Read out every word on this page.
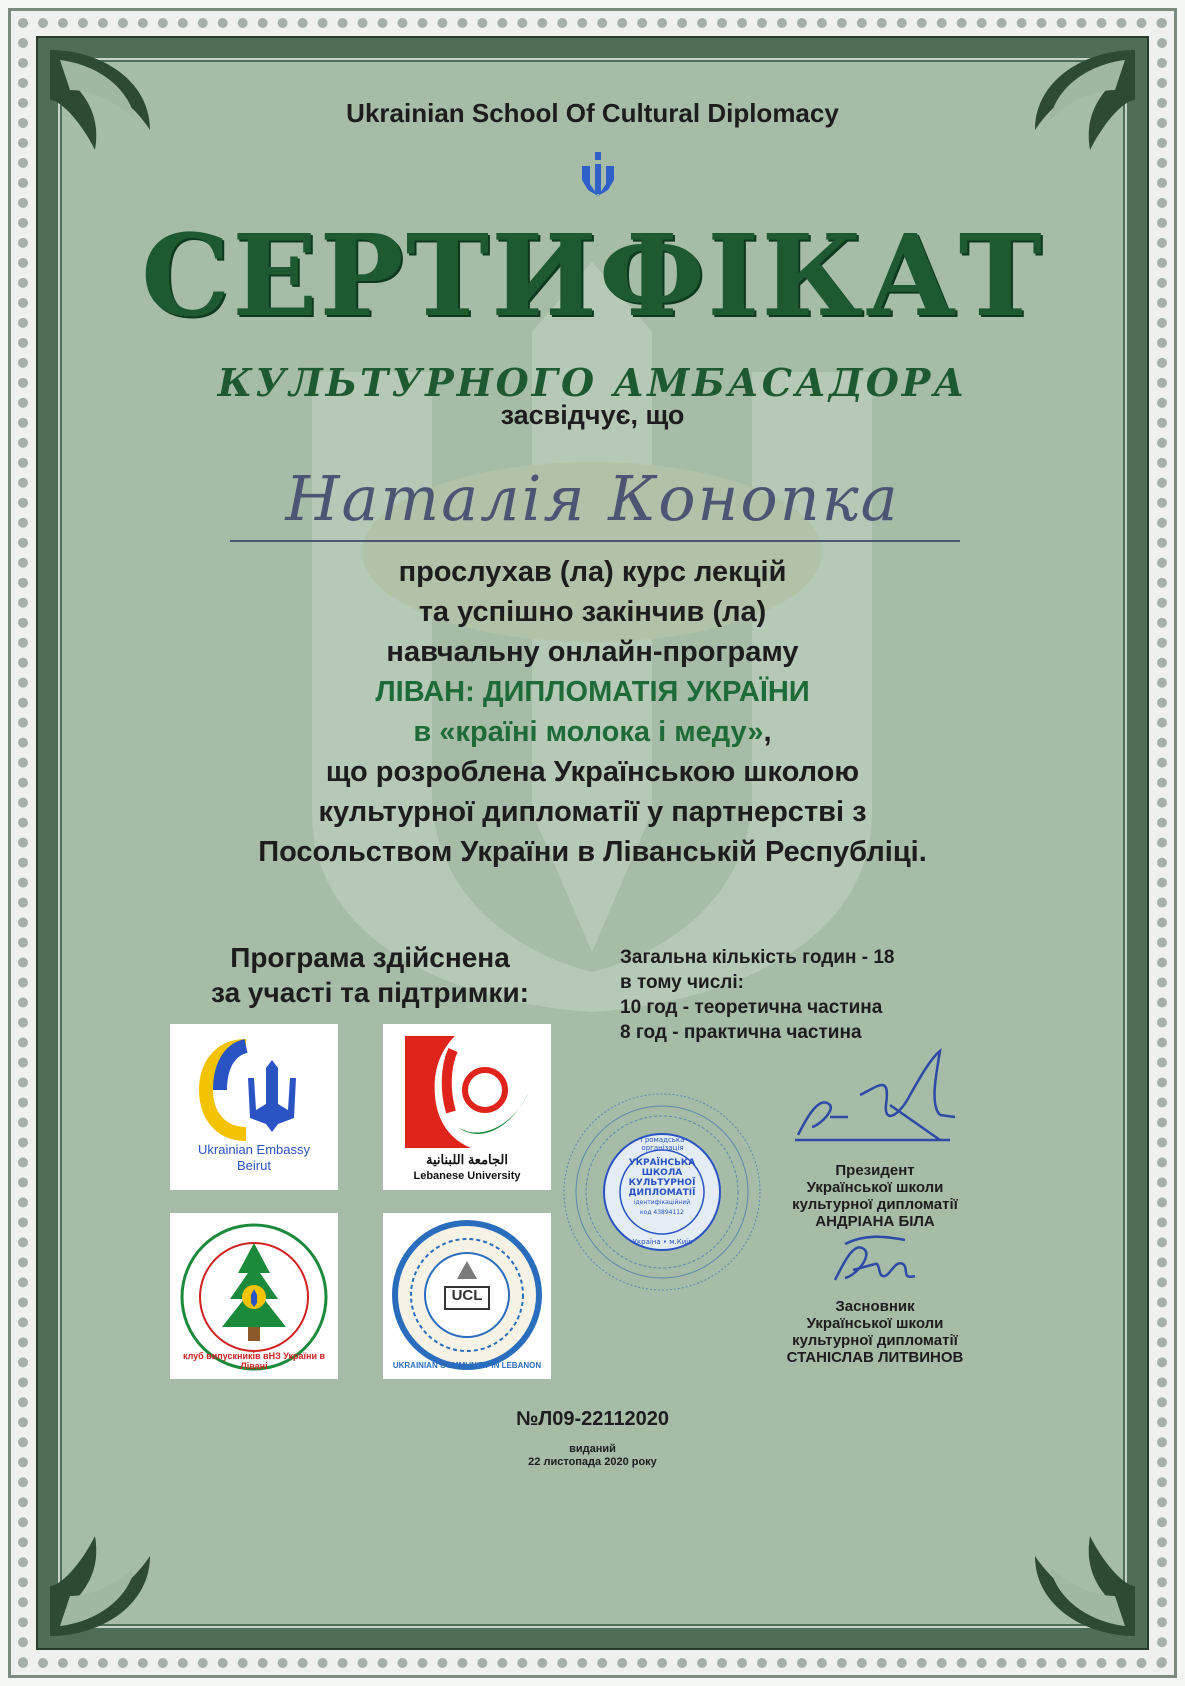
Ukrainian School Of Cultural Diplomacy
СЕРТИФІКАТ
КУЛЬТУРНОГО АМБАСАДОРА
засвідчує, що
Наталія Конопка
прослухав (ла) курс лекцій
та успішно закінчив (ла)
навчальну онлайн-програму
ЛІВАН: ДИПЛОМАТІЯ УКРАЇНИ
в «країні молока і меду»,
що розроблена Українською школою
культурної дипломатії у партнерстві з
Посольством України в Ліванській Республіці.
Програма здійснена
за участі та підтримки:
Загальна кількість годин - 18
в тому числі:
10 год - теоретична частина
8 год - практична частина
Ukrainian Embassy
Beirut	الجامعة اللبنانية
Lebanese University
клуб випускників вНЗ України в Лівані
UCL
UKRAINIAN COMMUNITY IN LEBANON
Громадська організація
УКРАЇНСЬКА
ШКОЛА
КУЛЬТУРНОЇ
ДИПЛОМАТІЇ
ідентифікаційний
код 43894112
Україна • м.Київ
Президент
Української школи
культурної дипломатії
АНДРІАНА БІЛА
Засновник
Української школи
культурної дипломатії
СТАНІСЛАВ ЛИТВИНОВ
№Л09-22112020
виданий
22 листопада 2020 року
